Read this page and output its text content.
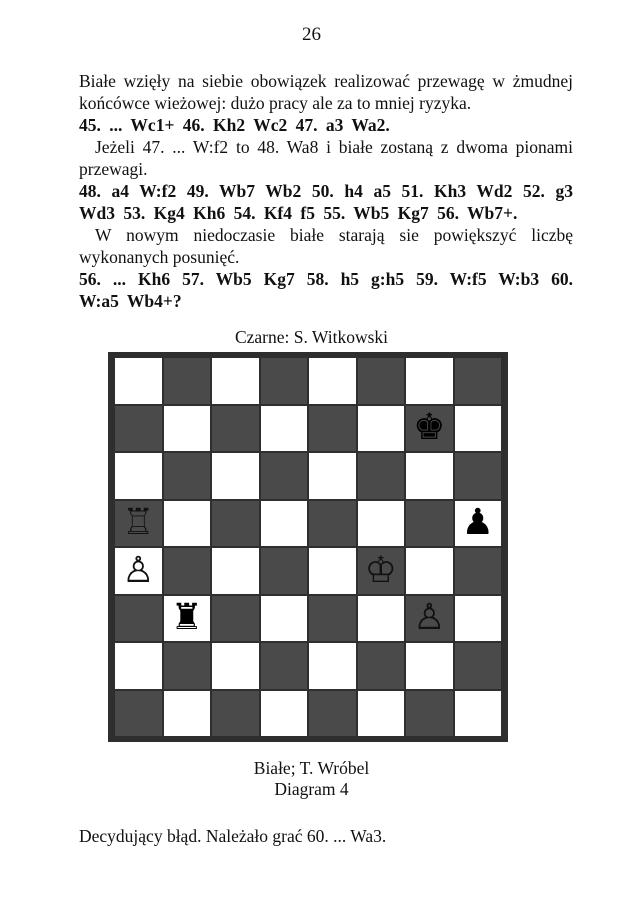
26

Białe wzięły na siebie obowiązek realizować przewagę w żmudnej końcówce wieżowej: dużo pracy ale za to mniej ryzyka.

45. ... Wc1+ 46. Kh2 Wc2 47. a3 Wa2.

Jeżeli 47. ... W:f2 to 48. Wa8 i białe zostaną z dwoma pionami przewagi.

48. a4 W:f2 49. Wb7 Wb2 50. h4 a5 51. Kh3 Wd2 52. g3 Wd3 53. Kg4 Kh6 54. Kf4 f5 55. Wb5 Kg7 56. Wb7+.

W nowym niedoczasie białe starają sie powiększyć liczbę wykonanych posunięć.

56. ... Kh6 57. Wb5 Kg7 58. h5 g:h5 59. W:f5 W:b3 60. W:a5 Wb4+?

Czarne: S. Witkowski
♚
♖	♟
♙	♔
♜	♙
Białe; T. Wróbel
Diagram 4
Decydujący błąd. Należało grać 60. ... Wa3.
